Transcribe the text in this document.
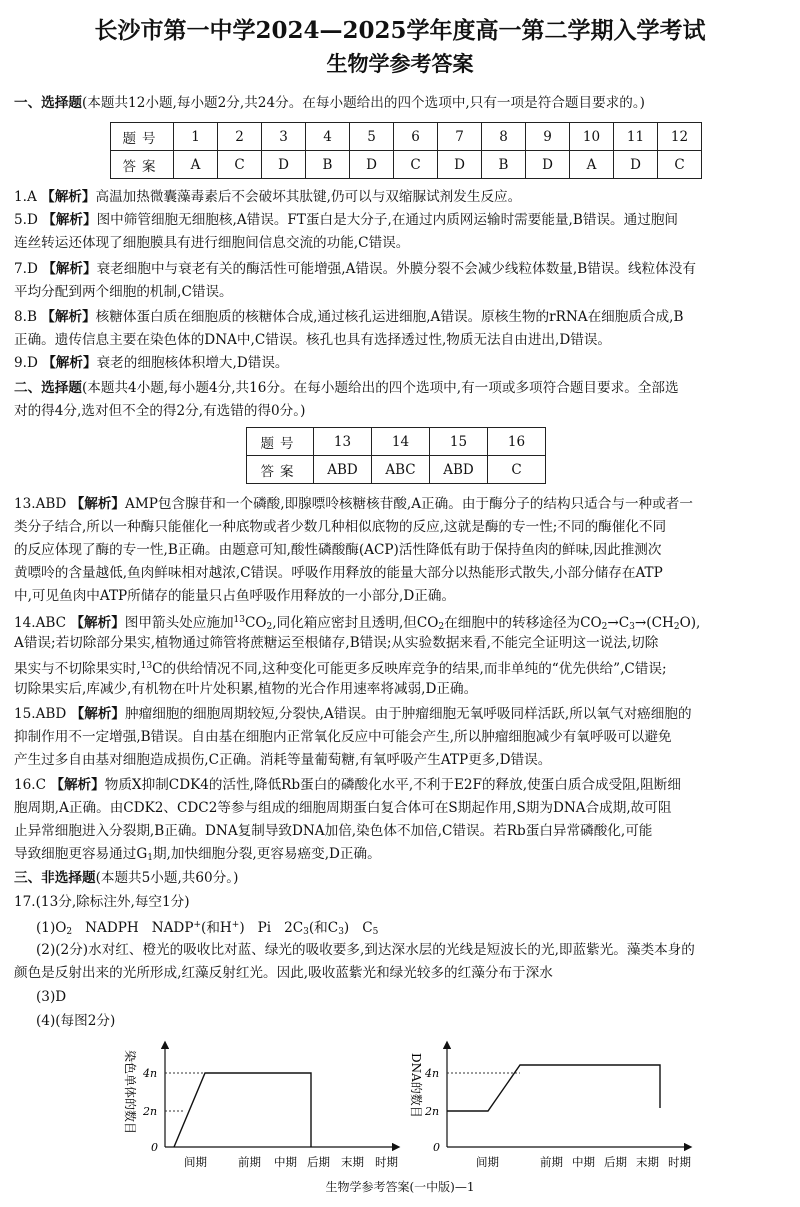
长沙市第一中学2024—2025学年度高一第二学期入学考试
生物学参考答案
一、选择题(本题共12小题,每小题2分,共24分。在每小题给出的四个选项中,只有一项是符合题目要求的。)
题号	1	2	3	4	5	6	7	8	9	10	11	12
答案	A	C	D	B	D	C	D	B	D	A	D	C
1.A 【解析】高温加热微囊藻毒素后不会破坏其肽键,仍可以与双缩脲试剂发生反应。
5.D 【解析】图中筛管细胞无细胞核,A错误。FT蛋白是大分子,在通过内质网运输时需要能量,B错误。通过胞间
连丝转运还体现了细胞膜具有进行细胞间信息交流的功能,C错误。
7.D 【解析】衰老细胞中与衰老有关的酶活性可能增强,A错误。外膜分裂不会减少线粒体数量,B错误。线粒体没有
平均分配到两个细胞的机制,C错误。
8.B 【解析】核糖体蛋白质在细胞质的核糖体合成,通过核孔运进细胞,A错误。原核生物的rRNA在细胞质合成,B
正确。遗传信息主要在染色体的DNA中,C错误。核孔也具有选择透过性,物质无法自由进出,D错误。
9.D 【解析】衰老的细胞核体积增大,D错误。
二、选择题(本题共4小题,每小题4分,共16分。在每小题给出的四个选项中,有一项或多项符合题目要求。全部选
对的得4分,选对但不全的得2分,有选错的得0分。)
题号	13	14	15	16
答案	ABD	ABC	ABD	C
13.ABD 【解析】AMP包含腺苷和一个磷酸,即腺嘌呤核糖核苷酸,A正确。由于酶分子的结构只适合与一种或者一
类分子结合,所以一种酶只能催化一种底物或者少数几种相似底物的反应,这就是酶的专一性;不同的酶催化不同
的反应体现了酶的专一性,B正确。由题意可知,酸性磷酸酶(ACP)活性降低有助于保持鱼肉的鲜味,因此推测次
黄嘌呤的含量越低,鱼肉鲜味相对越浓,C错误。呼吸作用释放的能量大部分以热能形式散失,小部分储存在ATP
中,可见鱼肉中ATP所储存的能量只占鱼呼吸作用释放的一小部分,D正确。
14.ABC 【解析】图甲箭头处应施加$^{13}CO_2$,同化箱应密封且透明,但$CO_2$在细胞中的转移途径为$CO_2\to C_3\to(CH_2O)$,
A错误;若切除部分果实,植物通过筛管将蔗糖运至根储存,B错误;从实验数据来看,不能完全证明这一说法,切除
果实与不切除果实时,$^{13}$C的供给情况不同,这种变化可能更多反映库竞争的结果,而非单纯的“优先供给”,C错误;
切除果实后,库减少,有机物在叶片处积累,植物的光合作用速率将减弱,D正确。
15.ABD 【解析】肿瘤细胞的细胞周期较短,分裂快,A错误。由于肿瘤细胞无氧呼吸同样活跃,所以氧气对癌细胞的
抑制作用不一定增强,B错误。自由基在细胞内正常氧化反应中可能会产生,所以肿瘤细胞减少有氧呼吸可以避免
产生过多自由基对细胞造成损伤,C正确。消耗等量葡萄糖,有氧呼吸产生ATP更多,D错误。
16.C 【解析】物质X抑制CDK4的活性,降低Rb蛋白的磷酸化水平,不利于E2F的释放,使蛋白质合成受阻,阻断细
胞周期,A正确。由CDK2、CDC2等参与组成的细胞周期蛋白复合体可在S期起作用,S期为DNA合成期,故可阻
止异常细胞进入分裂期,B正确。DNA复制导致DNA加倍,染色体不加倍,C错误。若Rb蛋白异常磷酸化,可能
导致细胞更容易通过$G_1$期,加快细胞分裂,更容易癌变,D正确。
三、非选择题(本题共5小题,共60分。)
17.(13分,除标注外,每空1分)
$(1)O_2$ NADPH NADP+(和H+) Pi $2C_3$(和$C_3$) $C_5$
(2)(2分)水对红、橙光的吸收比对蓝、绿光的吸收要多,到达深水层的光线是短波长的光,即蓝紫光。藻类本身的
颜色是反射出来的光所形成,红藻反射红光。因此,吸收蓝紫光和绿光较多的红藻分布于深水
(3)D
(4)(每图2分)
染色单体的数目 4n
2n
0
间期	前期 中期 后期 末期 时期
DNA的数目 4n
2n
0
间期	前期 中期 后期 末期 时期
生物学参考答案(一中版)—1
